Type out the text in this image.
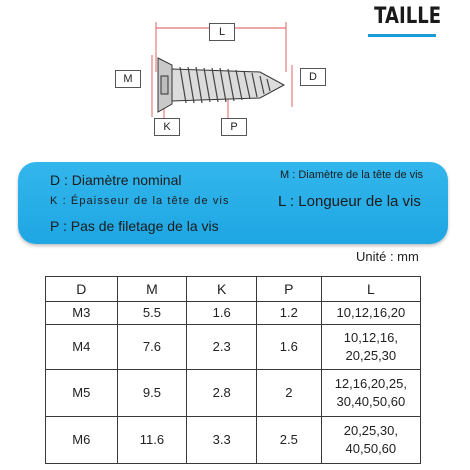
TAILLE
L
M	D
K	P
D : Diamètre nominal	M : Diamètre de la tête de vis
K : Épaisseur de la tête de vis	L : Longueur de la vis
P : Pas de filetage de la vis
Unité : mm
D	M	K	P	L
M3	5.5	1.6	1.2	10,12,16,20

M4	7.6	2.3	1.6	10,12,16,
20,25,30

M5	9.5	2.8	2	12,16,20,25,
30,40,50,60

M6	11.6	3.3	2.5	20,25,30,
40,50,60
